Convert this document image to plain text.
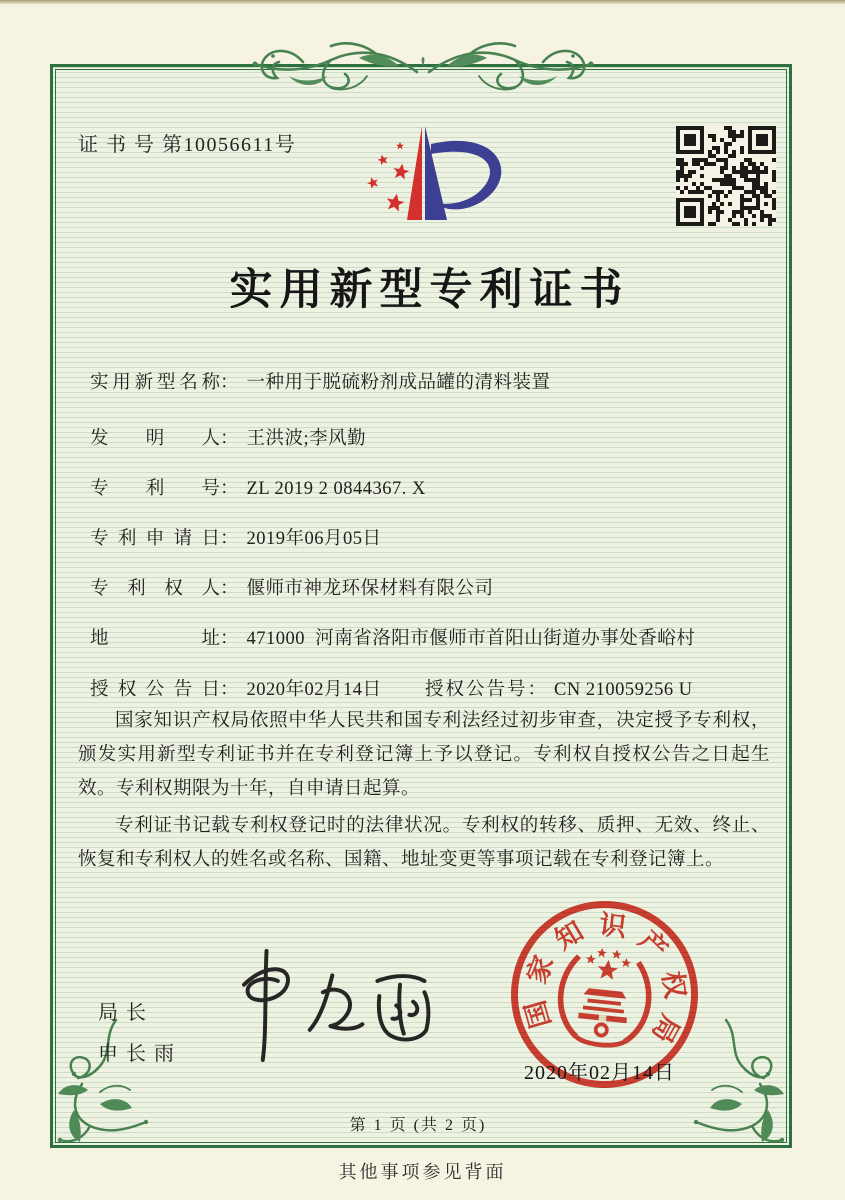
证 书 号 第10056611号
实用新型专利证书
实用新型名称： 一种用于脱硫粉剂成品罐的清料装置
发明人： 王洪波;李风勤
专利号： ZL 2019 2 0844367. X
专利申请日： 2019年06月05日
专利权人： 偃师市神龙环保材料有限公司
地址： 471000  河南省洛阳市偃师市首阳山街道办事处香峪村
授权公告日： 2020年02月14日 授权公告号： CN 210059256 U

国家知识产权局依照中华人民共和国专利法经过初步审查，决定授予专利权，颁发实用新型专利证书并在专利登记簿上予以登记。专利权自授权公告之日起生效。专利权期限为十年，自申请日起算。

专利证书记载专利权登记时的法律状况。专利权的转移、质押、无效、终止、恢复和专利权人的姓名或名称、国籍、地址变更等事项记载在专利登记簿上。

局长
申长雨
国
家
知 识 产
权
局
2020年02月14日
第 1 页 (共 2 页)
其他事项参见背面
